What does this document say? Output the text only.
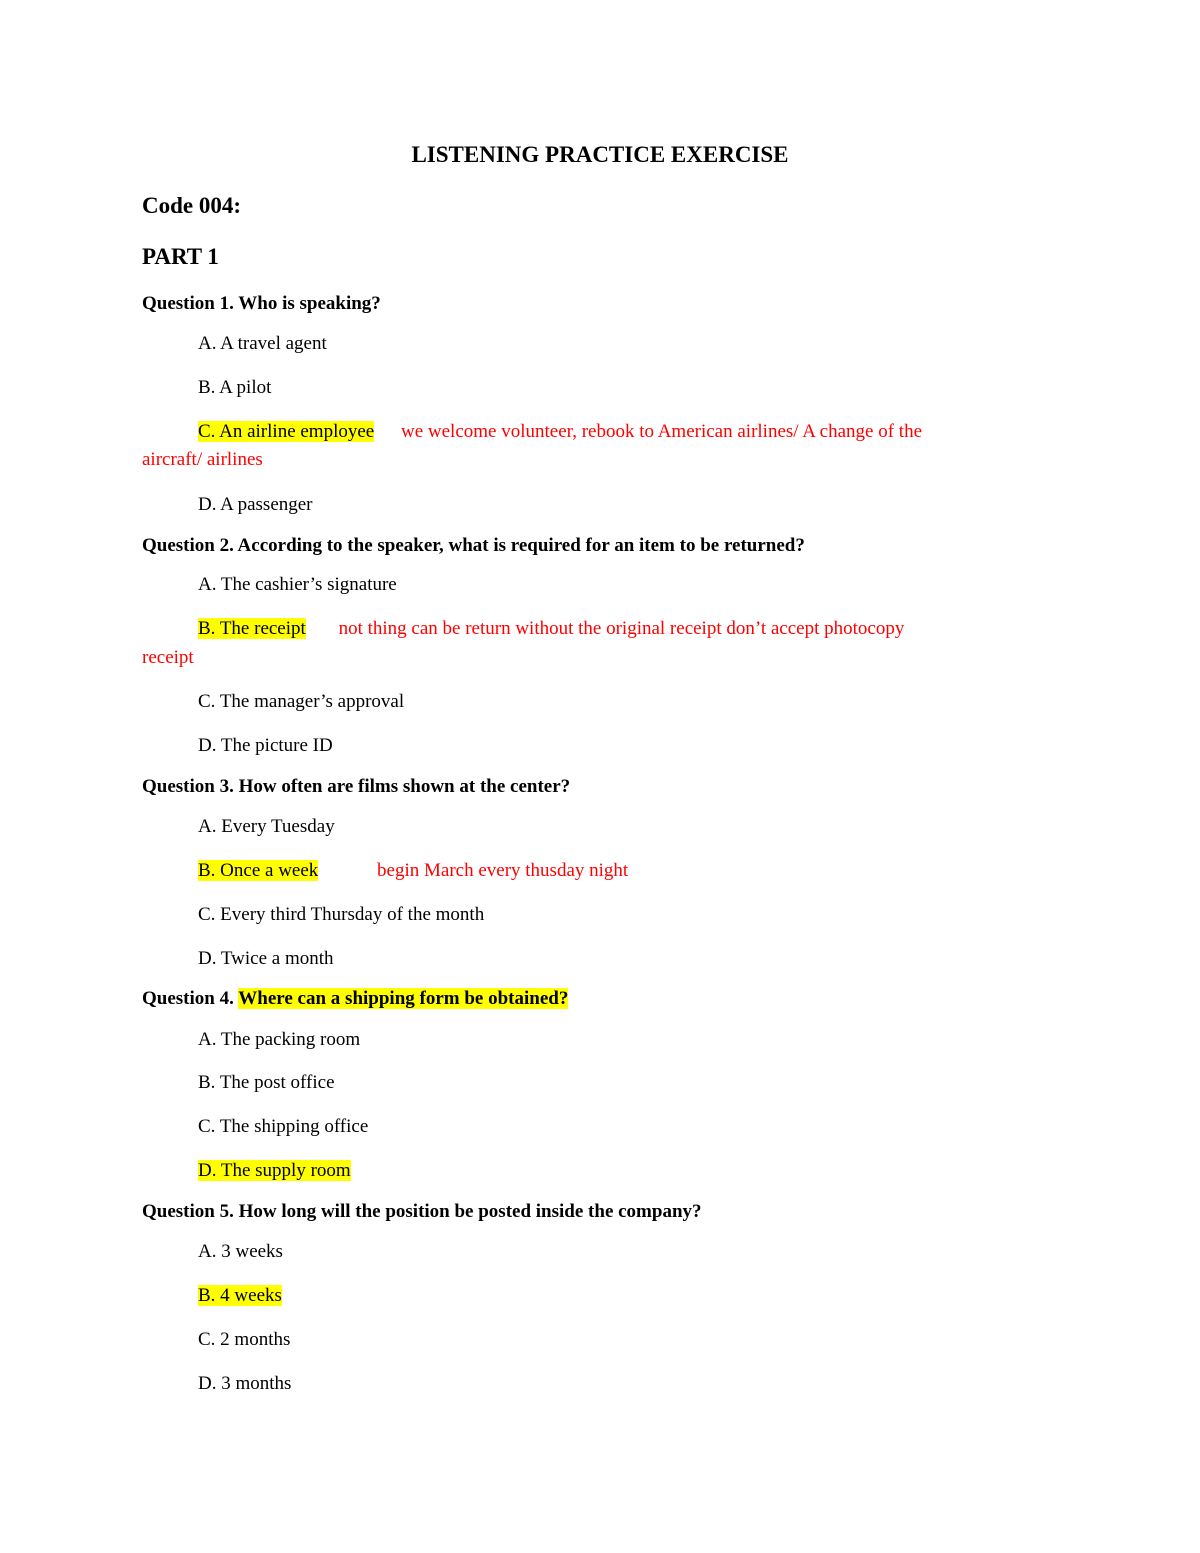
LISTENING PRACTICE EXERCISE
Code 004:
PART 1
Question 1. Who is speaking?
A. A travel agent
B. A pilot
C. An airline employee we welcome volunteer, rebook to American airlines/ A change of the
aircraft/ airlines
D. A passenger
Question 2. According to the speaker, what is required for an item to be returned?
A. The cashier’s signature
B. The receipt not thing can be return without the original receipt don’t accept photocopy
receipt
C. The manager’s approval
D. The picture ID
Question 3. How often are films shown at the center?
A. Every Tuesday
B. Once a week	begin March every thusday night
C. Every third Thursday of the month
D. Twice a month
Question 4. Where can a shipping form be obtained?
A. The packing room
B. The post office
C. The shipping office
D. The supply room
Question 5. How long will the position be posted inside the company?
A. 3 weeks
B. 4 weeks
C. 2 months
D. 3 months
